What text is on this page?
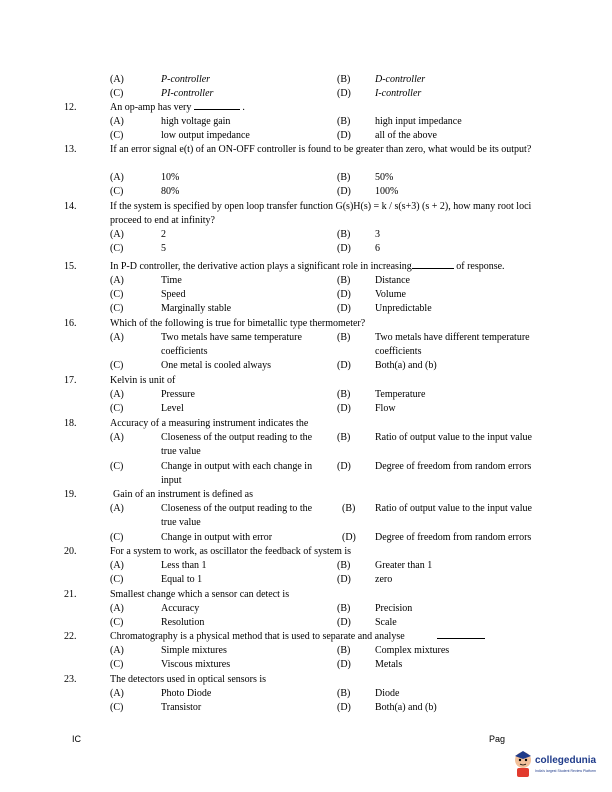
(A)	P-controller	(B) D-controller
(C)	PI-controller	(D) I-controller
12.	An op-amp has very	.
(A)	high voltage gain	(B) high input impedance
(C)	low output impedance	(D) all of the above
13.	If an error signal e(t) of an ON-OFF controller is found to be greater than zero, what would be its output?
(A)	10%	(B) 50%
(C)	80%	(D) 100%
14.	If the system is specified by open loop transfer function G(s)H(s) = k / s(s+3) (s + 2), how many root loci proceed to end at infinity?
(A)	2	(B) 3
(C)	5	(D) 6
15.	In P-D controller, the derivative action plays a significant role in increasing	of response.
(A)	Time	(B) Distance
(C)	Speed	(D) Volume
(C)	Marginally stable	(D) Unpredictable
16.	Which of the following is true for bimetallic type thermometer?
(A)	Two metals have same temperature coefficients
(B) Two metals have different temperature coefficients
(C)	One metal is cooled always	(D) Both(a) and (b)
17.	Kelvin is unit of
(A)	Pressure	(B) Temperature
(C)	Level	(D) Flow
18.	Accuracy of a measuring instrument indicates the
(A)	Closeness of the output reading to the true value
(B) Ratio of output value to the input value
(C)	Change in output with each change in input
(D) Degree of freedom from random errors
19.	Gain of an instrument is defined as
(A)	Closeness of the output reading to the true value
(B) Ratio of output value to the input value
(C)	Change in output with error	(D) Degree of freedom from random errors
20.	For a system to work, as oscillator the feedback of system is
(A)	Less than 1	(B) Greater than 1
(C)	Equal to 1	(D) zero
21.	Smallest change which a sensor can detect is
(A)	Accuracy	(B) Precision
(C)	Resolution	(D) Scale
22.	Chromatography is a physical method that is used to separate and analyse
(A)	Simple mixtures	(B) Complex mixtures
(C)	Viscous mixtures	(D) Metals
23.	The detectors used in optical sensors is
(A)	Photo Diode	(B) Diode
(C)	Transistor	(D) Both(a) and (b)
IC	Pag
collegedunia
India's largest Student Review Platform
